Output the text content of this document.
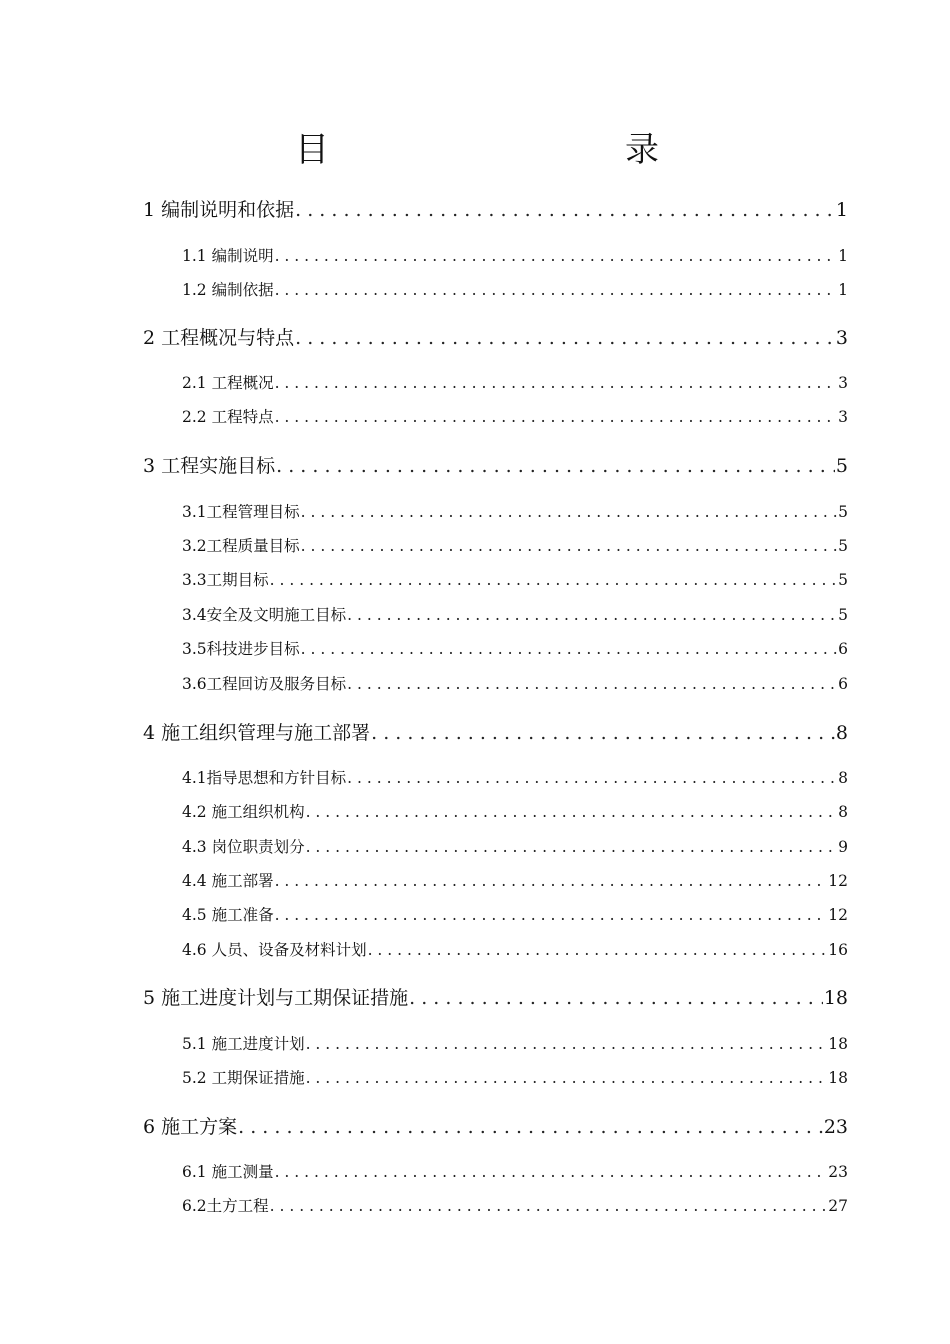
目　　录
1 编制说明和依据 . . .	1
1.1 编制说明 . . .	1
1.2 编制依据 . . .	1
2 工程概况与特点 . . .	3
2.1 工程概况 . . .	3
2.2 工程特点 . . .	3
3 工程实施目标 . . .	5
3.1工程管理目标 . . .	5
3.2工程质量目标 . . .	5
3.3工期目标 . . .	5
3.4安全及文明施工目标 . . .	5
3.5科技进步目标 . . .	6
3.6工程回访及服务目标 . . .	6
4 施工组织管理与施工部署 . . .	8
4.1指导思想和方针目标 . . .	8
4.2 施工组织机构 . . .	8
4.3 岗位职责划分 . . .	9
4.4 施工部署 . . .	12
4.5 施工准备 . . .	12
4.6 人员、设备及材料计划 . . .	16
5 施工进度计划与工期保证措施 . . .	18
5.1 施工进度计划 . . .	18
5.2 工期保证措施 . . .	18
6 施工方案 . . .	23
6.1 施工测量 . . .	23
6.2土方工程 . . .	27
